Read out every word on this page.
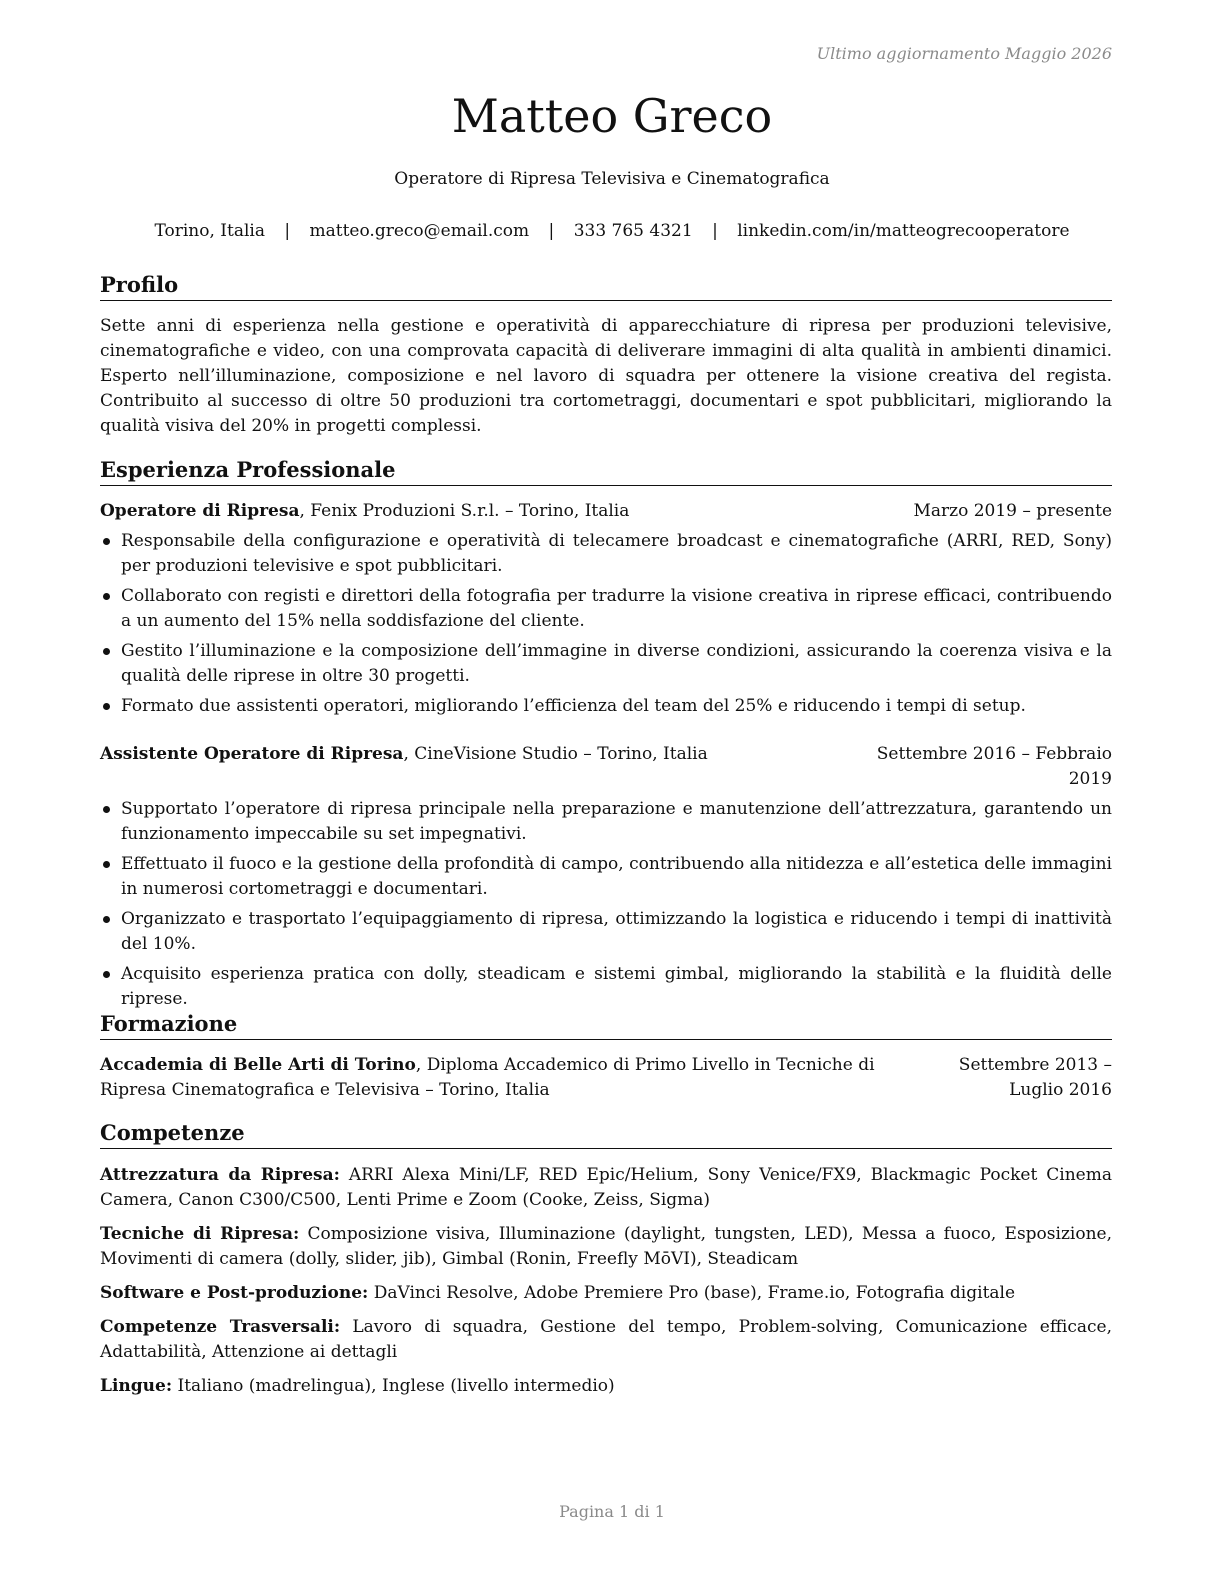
Ultimo aggiornamento Maggio 2026
Matteo Greco
Operatore di Ripresa Televisiva e Cinematografica
Torino, Italia | matteo.greco@email.com | 333 765 4321 | linkedin.com/in/matteogrecooperatore
Profilo

Sette anni di esperienza nella gestione e operatività di apparecchiature di ripresa per produzioni televisive, cinematografiche e video, con una comprovata capacità di deliverare immagini di alta qualità in ambienti dinamici. Esperto nell’illuminazione, composizione e nel lavoro di squadra per ottenere la visione creativa del regista. Contribuito al successo di oltre 50 produzioni tra cortometraggi, documentari e spot pubblicitari, migliorando la qualità visiva del 20% in progetti complessi.

Esperienza Professionale
Operatore di Ripresa, Fenix Produzioni S.r.l. – Torino, Italia	Marzo 2019 – presente
Responsabile della configurazione e operatività di telecamere broadcast e cinematografiche (ARRI, RED, Sony) per produzioni televisive e spot pubblicitari.
Collaborato con registi e direttori della fotografia per tradurre la visione creativa in riprese efficaci, contribuendo a un aumento del 15% nella soddisfazione del cliente.
Gestito l’illuminazione e la composizione dell’immagine in diverse condizioni, assicurando la coerenza visiva e la qualità delle riprese in oltre 30 progetti.
Formato due assistenti operatori, migliorando l’efficienza del team del 25% e riducendo i tempi di setup.
Assistente Operatore di Ripresa, CineVisione Studio – Torino, Italia	Settembre 2016 – Febbraio 2019
Supportato l’operatore di ripresa principale nella preparazione e manutenzione dell’attrezzatura, garantendo un funzionamento impeccabile su set impegnativi.
Effettuato il fuoco e la gestione della profondità di campo, contribuendo alla nitidezza e all’estetica delle immagini in numerosi cortometraggi e documentari.
Organizzato e trasportato l’equipaggiamento di ripresa, ottimizzando la logistica e riducendo i tempi di inattività del 10%.
Acquisito esperienza pratica con dolly, steadicam e sistemi gimbal, migliorando la stabilità e la fluidità delle riprese.
Formazione
Accademia di Belle Arti di Torino, Diploma Accademico di Primo Livello in Tecniche di Ripresa Cinematografica e Televisiva – Torino, Italia
Settembre 2013 – Luglio 2016
Competenze
Attrezzatura da Ripresa: ARRI Alexa Mini/LF, RED Epic/Helium, Sony Venice/FX9, Blackmagic Pocket Cinema Camera, Canon C300/C500, Lenti Prime e Zoom (Cooke, Zeiss, Sigma)
Tecniche di Ripresa: Composizione visiva, Illuminazione (daylight, tungsten, LED), Messa a fuoco, Esposizione, Movimenti di camera (dolly, slider, jib), Gimbal (Ronin, Freefly MōVI), Steadicam
Software e Post-produzione: DaVinci Resolve, Adobe Premiere Pro (base), Frame.io, Fotografia digitale
Competenze Trasversali: Lavoro di squadra, Gestione del tempo, Problem-solving, Comunicazione efficace, Adattabilità, Attenzione ai dettagli
Lingue: Italiano (madrelingua), Inglese (livello intermedio)
Pagina 1 di 1
